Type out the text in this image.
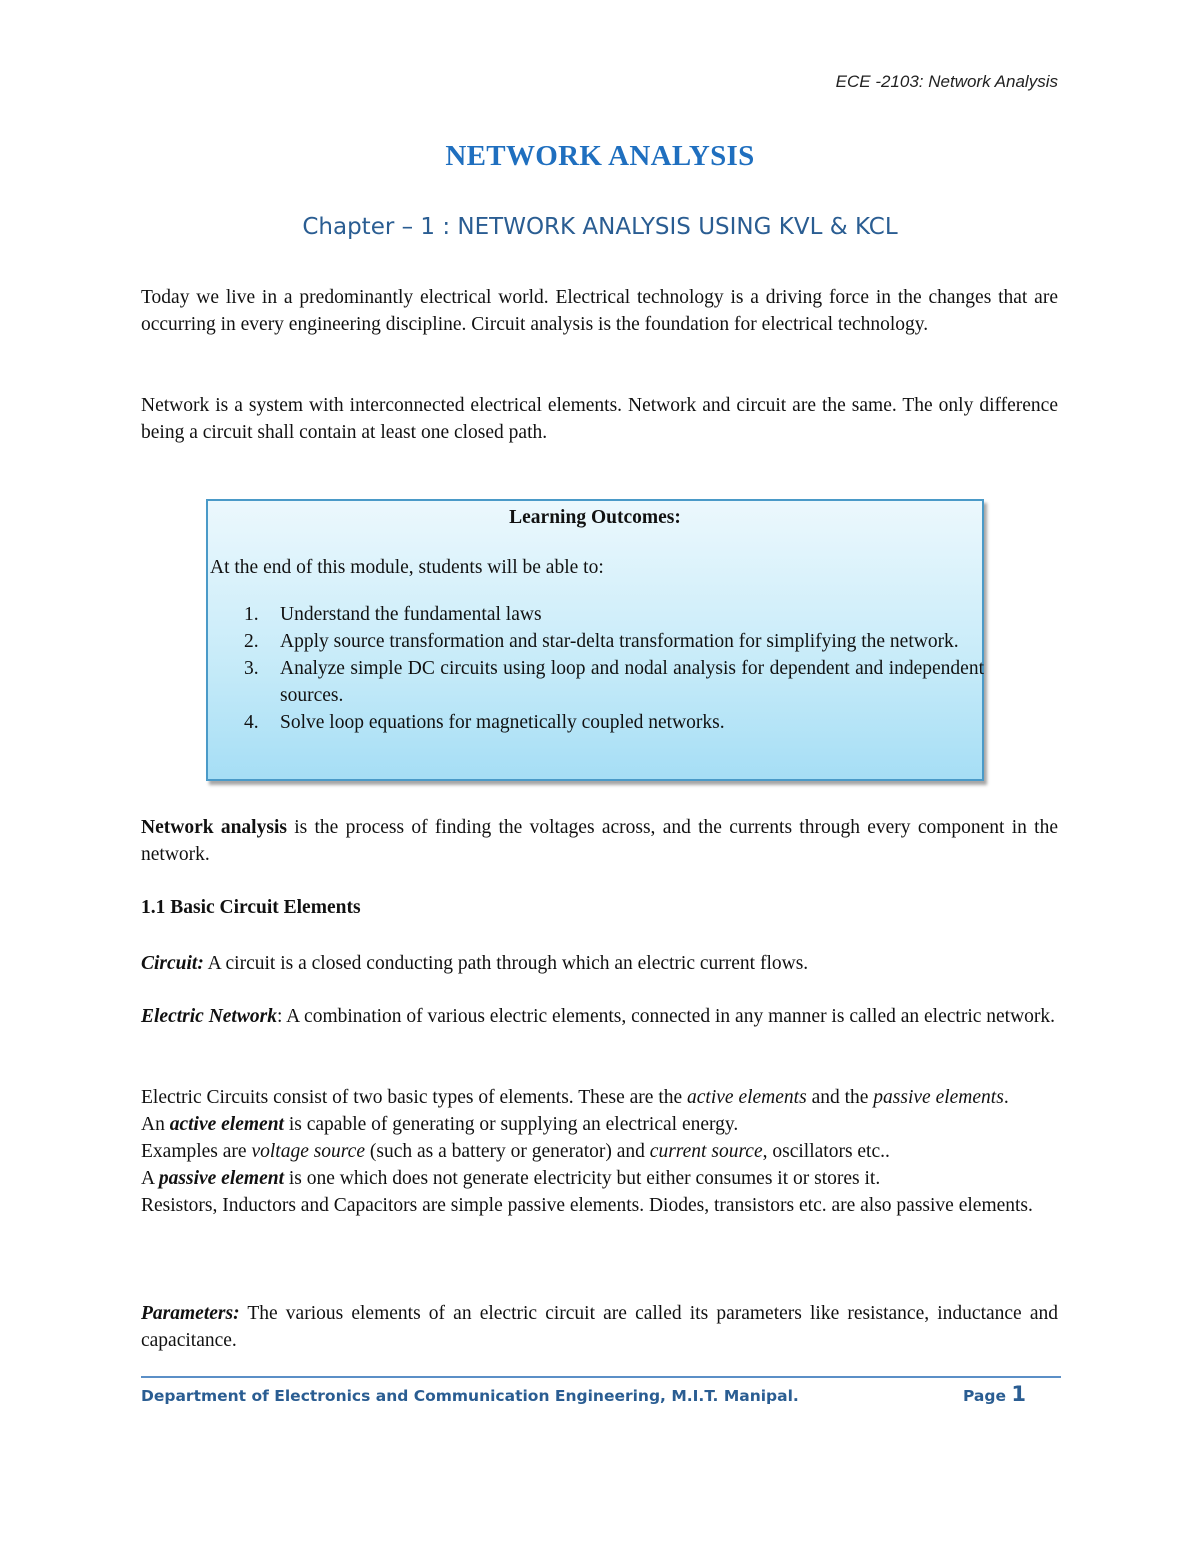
ECE -2103: Network Analysis
NETWORK ANALYSIS
Chapter – 1 : NETWORK ANALYSIS USING KVL & KCL

Today we live in a predominantly electrical world. Electrical technology is a driving force in the changes that are occurring in every engineering discipline. Circuit analysis is the foundation for electrical technology.

Network is a system with interconnected electrical elements. Network and circuit are the same. The only difference being a circuit shall contain at least one closed path.

Learning Outcomes:
At the end of this module, students will be able to:
1. Understand the fundamental laws
2. Apply source transformation and star-delta transformation for simplifying the network.
3. Analyze simple DC circuits using loop and nodal analysis for dependent and independent sources.
4. Solve loop equations for magnetically coupled networks.

Network analysis is the process of finding the voltages across, and the currents through every component in the network.

1.1 Basic Circuit Elements

Circuit: A circuit is a closed conducting path through which an electric current flows.

Electric Network: A combination of various electric elements, connected in any manner is called an electric network.

Electric Circuits consist of two basic types of elements. These are the active elements and the passive elements.
An active element is capable of generating or supplying an electrical energy.
Examples are voltage source (such as a battery or generator) and current source, oscillators etc..
A passive element is one which does not generate electricity but either consumes it or stores it.
Resistors, Inductors and Capacitors are simple passive elements. Diodes, transistors etc. are also passive elements.

Parameters: The various elements of an electric circuit are called its parameters like resistance, inductance and capacitance.

Department of Electronics and Communication Engineering, M.I.T. Manipal.	Page 1
